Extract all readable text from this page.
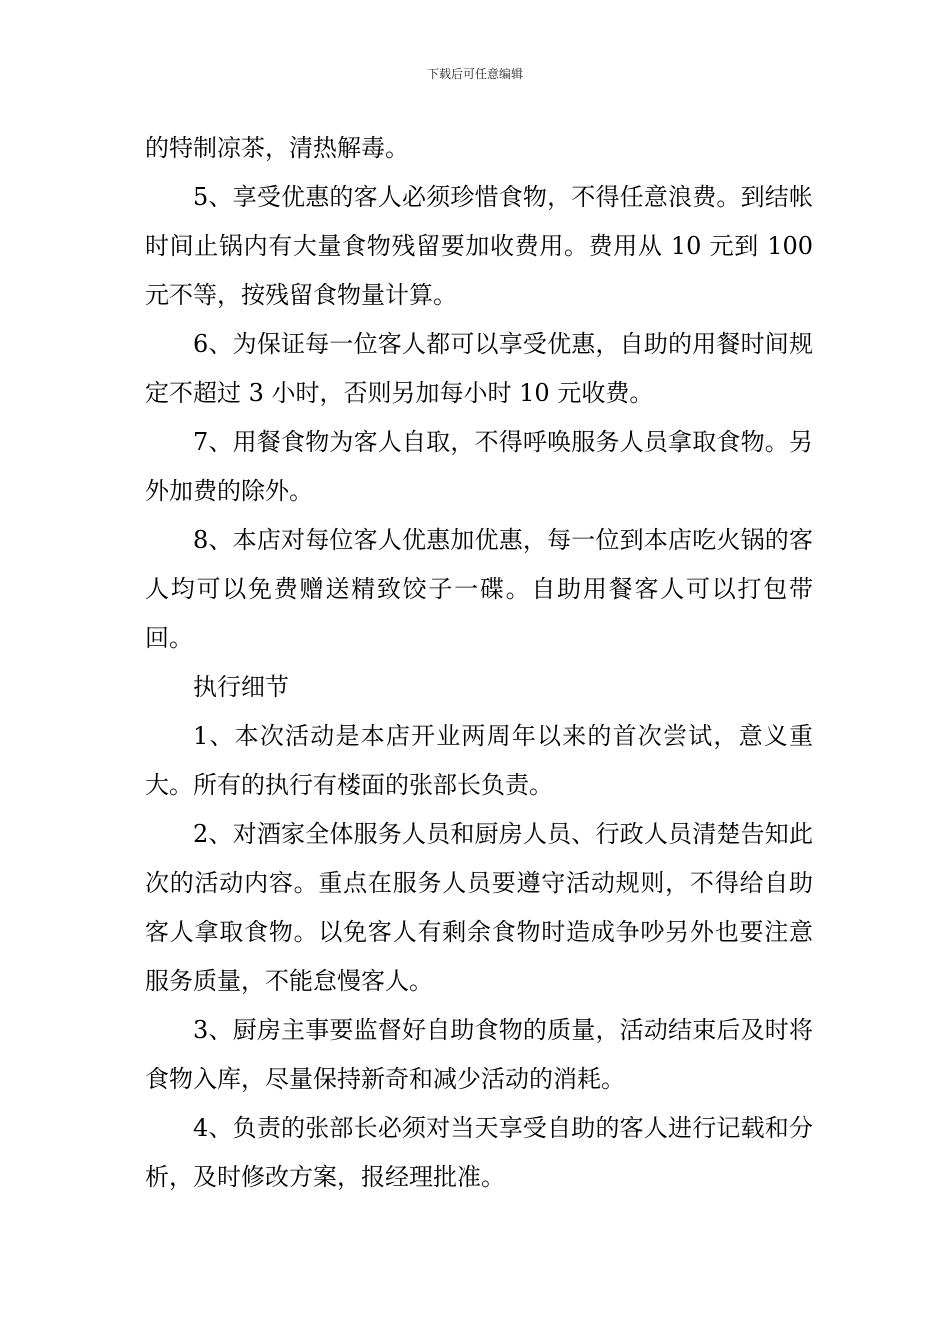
下载后可任意编辑

的特制凉茶，清热解毒。

5、享受优惠的客人必须珍惜食物，不得任意浪费。到结帐时间止锅内有大量食物残留要加收费用。费用从 10 元到 100 元不等，按残留食物量计算。

6、为保证每一位客人都可以享受优惠，自助的用餐时间规定不超过 3 小时，否则另加每小时 10 元收费。

7、用餐食物为客人自取，不得呼唤服务人员拿取食物。另外加费的除外。

8、本店对每位客人优惠加优惠，每一位到本店吃火锅的客人均可以免费赠送精致饺子一碟。自助用餐客人可以打包带回。

执行细节

1、本次活动是本店开业两周年以来的首次尝试，意义重大。所有的执行有楼面的张部长负责。

2、对酒家全体服务人员和厨房人员、行政人员清楚告知此次的活动内容。重点在服务人员要遵守活动规则，不得给自助客人拿取食物。以免客人有剩余食物时造成争吵另外也要注意服务质量，不能怠慢客人。

3、厨房主事要监督好自助食物的质量，活动结束后及时将食物入库，尽量保持新奇和减少活动的消耗。

4、负责的张部长必须对当天享受自助的客人进行记载和分析，及时修改方案，报经理批准。
